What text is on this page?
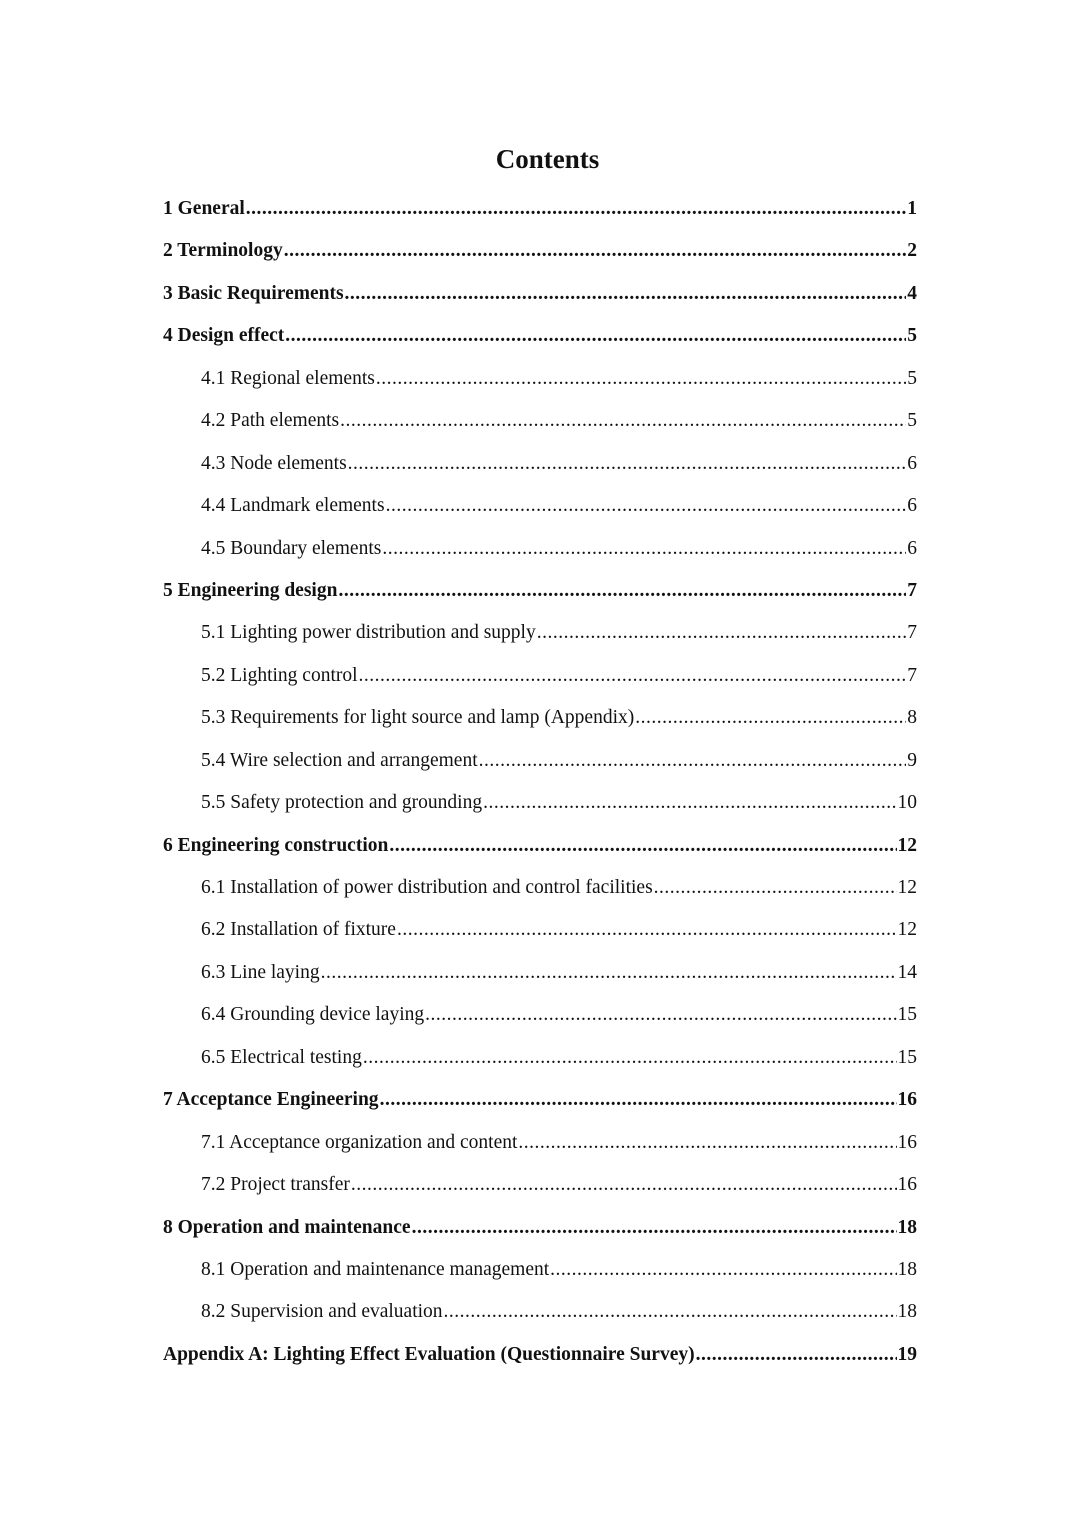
Contents
1 General .....	1
2 Terminology .....	2
3 Basic Requirements .....	4
4 Design effect .....	5
4.1 Regional elements .....	5
4.2 Path elements .....	5
4.3 Node elements .....	6
4.4 Landmark elements .....	6
4.5 Boundary elements .....	6
5 Engineering design .....	7
5.1 Lighting power distribution and supply .....	7
5.2 Lighting control .....	7
5.3 Requirements for light source and lamp (Appendix) .....	8
5.4 Wire selection and arrangement .....	9
5.5 Safety protection and grounding .....	10
6 Engineering construction .....	12
6.1 Installation of power distribution and control facilities .....	12
6.2 Installation of fixture .....	12
6.3 Line laying .....	14
6.4 Grounding device laying .....	15
6.5 Electrical testing .....	15
7 Acceptance Engineering .....	16
7.1 Acceptance organization and content .....	16
7.2 Project transfer .....	16
8 Operation and maintenance .....	18
8.1 Operation and maintenance management .....	18
8.2 Supervision and evaluation .....	18
Appendix A: Lighting Effect Evaluation (Questionnaire Survey) .....	19
